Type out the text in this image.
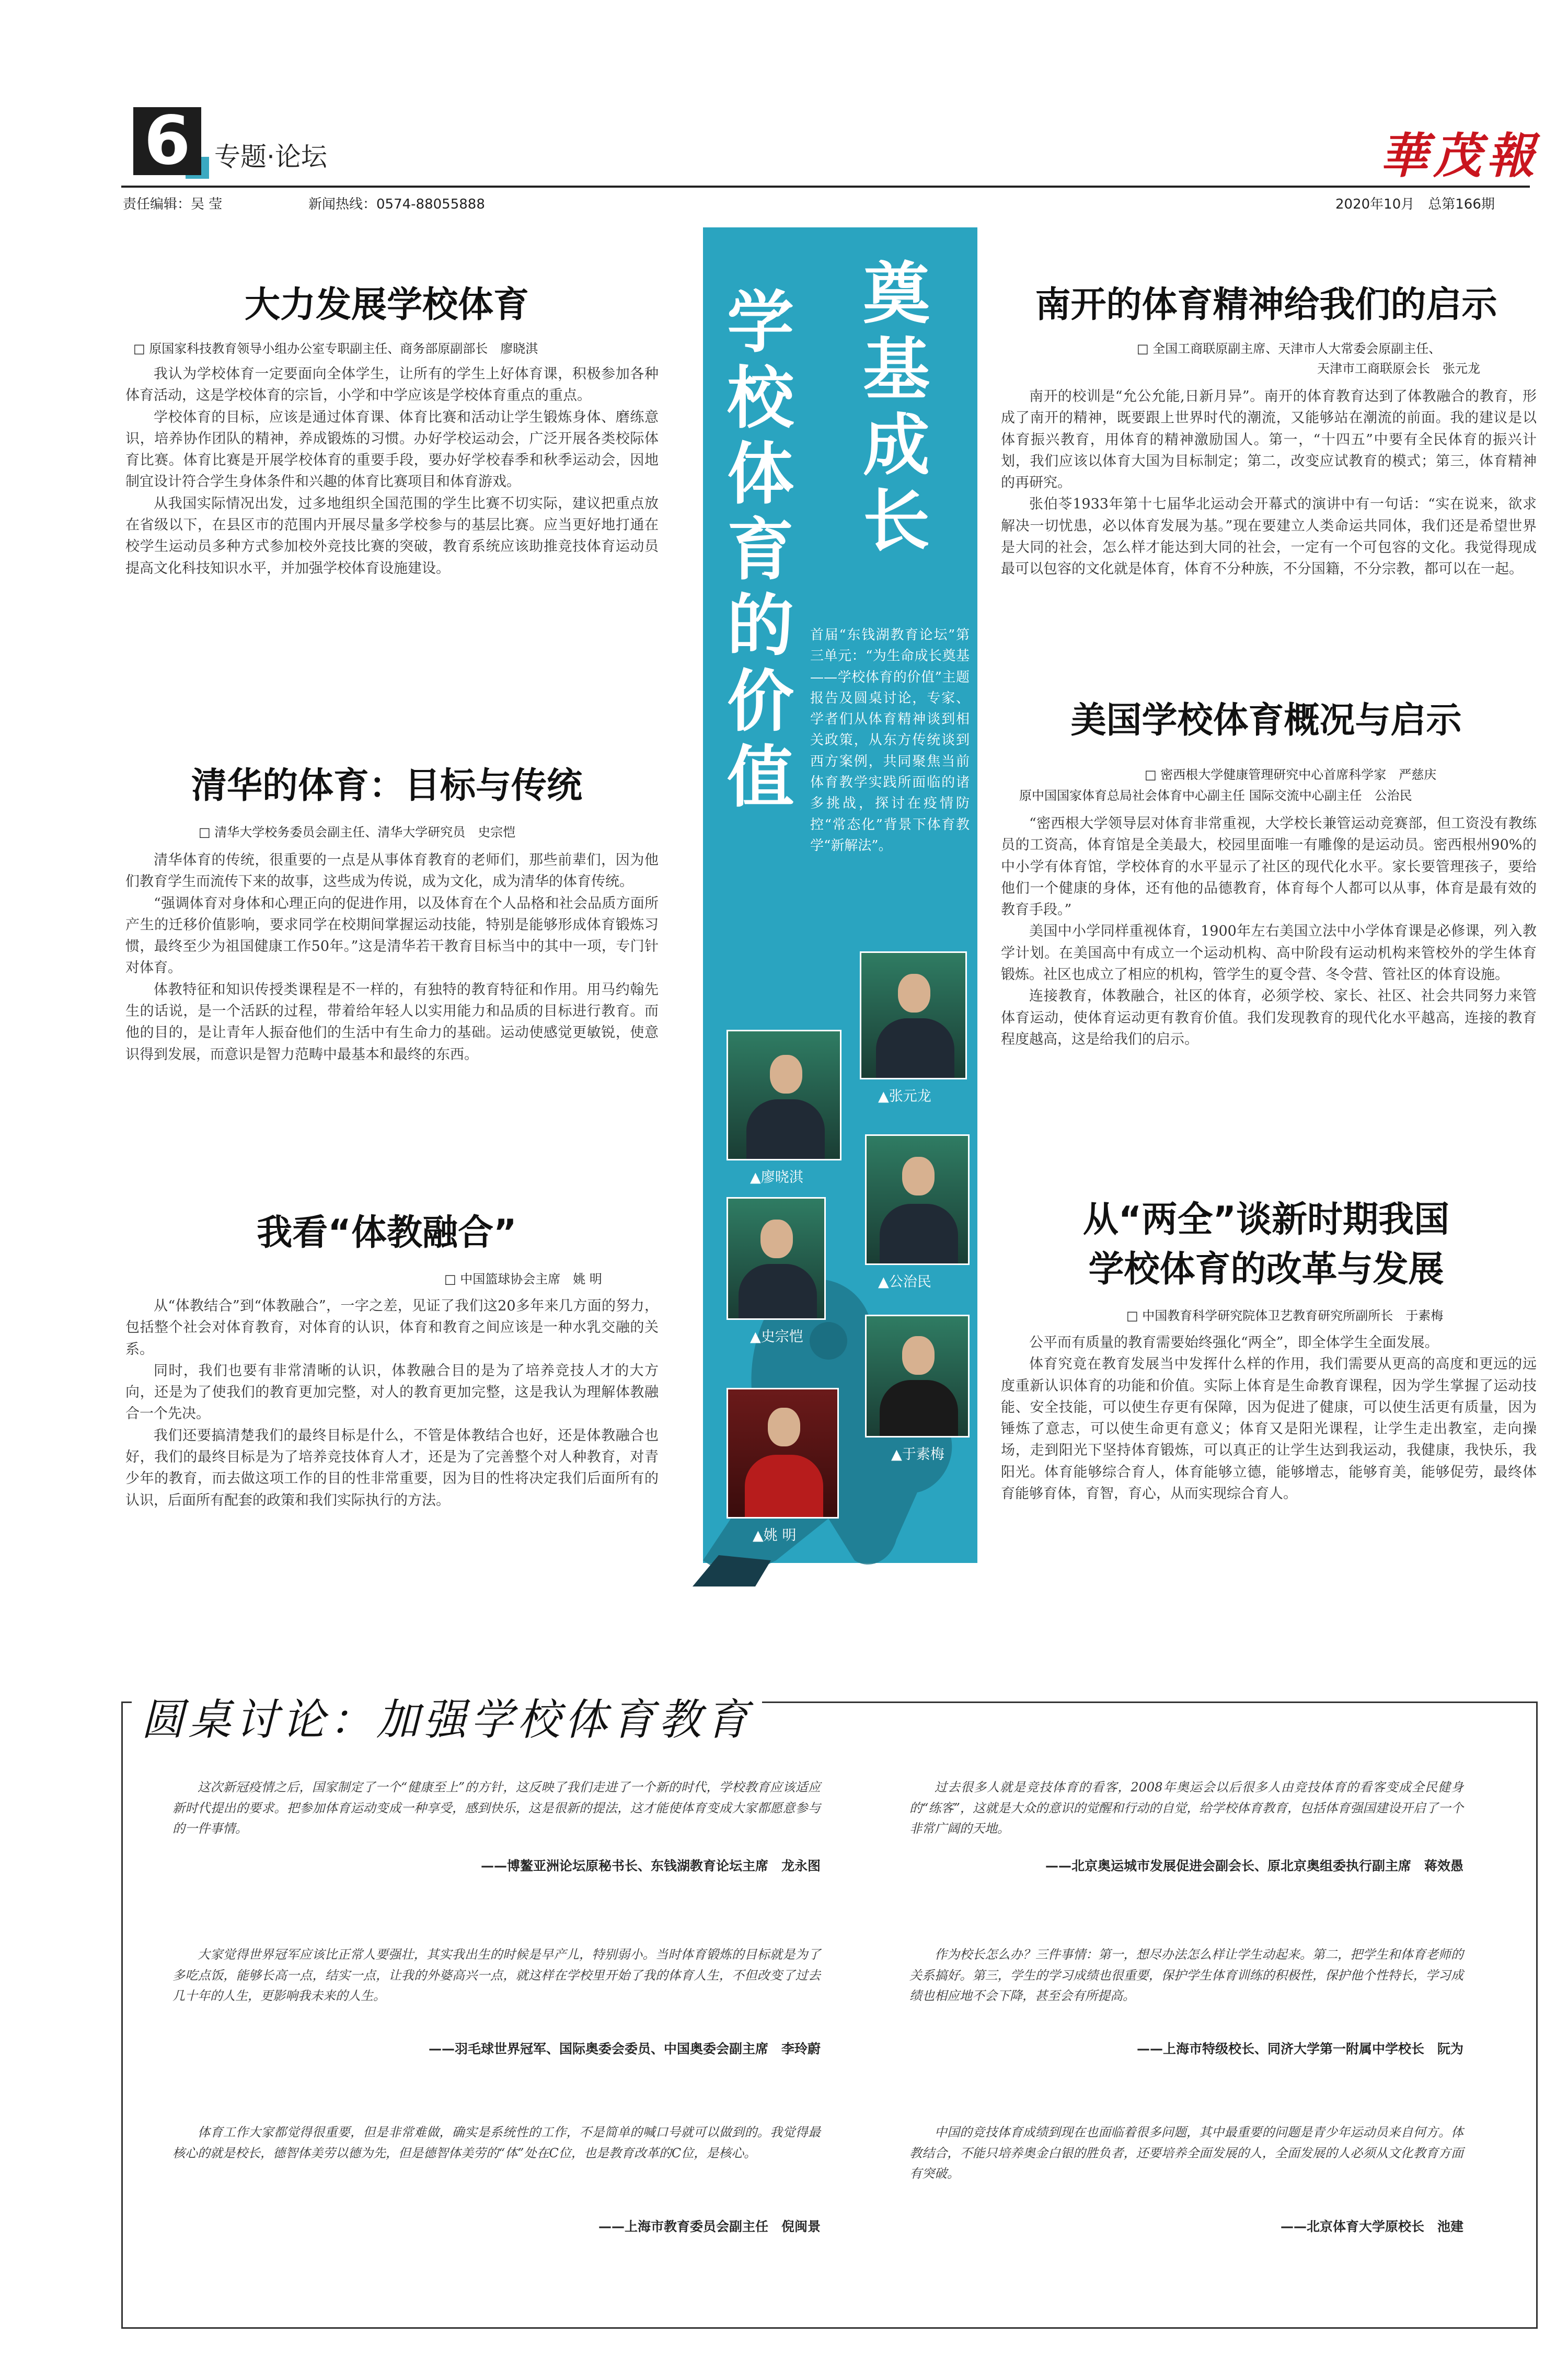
6 专题·论坛	華茂報
责任编辑：吴 莹	新闻热线：0574-88055888	2020年10月　总第166期
大力发展学校体育
□ 原国家科技教育领导小组办公室专职副主任、商务部原副部长　廖晓淇

我认为学校体育一定要面向全体学生，让所有的学生上好体育课，积极参加各种体育活动，这是学校体育的宗旨，小学和中学应该是学校体育重点的重点。

学校体育的目标，应该是通过体育课、体育比赛和活动让学生锻炼身体、磨练意识，培养协作团队的精神，养成锻炼的习惯。办好学校运动会，广泛开展各类校际体育比赛。体育比赛是开展学校体育的重要手段，要办好学校春季和秋季运动会，因地制宜设计符合学生身体条件和兴趣的体育比赛项目和体育游戏。

从我国实际情况出发，过多地组织全国范围的学生比赛不切实际，建议把重点放在省级以下，在县区市的范围内开展尽量多学校参与的基层比赛。应当更好地打通在校学生运动员多种方式参加校外竞技比赛的突破，教育系统应该助推竞技体育运动员提高文化科技知识水平，并加强学校体育设施建设。

清华的体育：目标与传统
□ 清华大学校务委员会副主任、清华大学研究员　史宗恺

清华体育的传统，很重要的一点是从事体育教育的老师们，那些前辈们，因为他们教育学生而流传下来的故事，这些成为传说，成为文化，成为清华的体育传统。

“强调体育对身体和心理正向的促进作用，以及体育在个人品格和社会品质方面所产生的迁移价值影响，要求同学在校期间掌握运动技能，特别是能够形成体育锻炼习惯，最终至少为祖国健康工作50年。”这是清华若干教育目标当中的其中一项，专门针对体育。

体教特征和知识传授类课程是不一样的，有独特的教育特征和作用。用马约翰先生的话说，是一个活跃的过程，带着给年轻人以实用能力和品质的目标进行教育。而他的目的，是让青年人振奋他们的生活中有生命力的基础。运动使感觉更敏锐，使意识得到发展，而意识是智力范畴中最基本和最终的东西。

我看“体教融合”
□ 中国篮球协会主席　姚 明

从“体教结合”到“体教融合”，一字之差，见证了我们这20多年来几方面的努力，包括整个社会对体育教育，对体育的认识，体育和教育之间应该是一种水乳交融的关系。

同时，我们也要有非常清晰的认识，体教融合目的是为了培养竞技人才的大方向，还是为了使我们的教育更加完整，对人的教育更加完整，这是我认为理解体教融合一个先决。

我们还要搞清楚我们的最终目标是什么，不管是体教结合也好，还是体教融合也好，我们的最终目标是为了培养竞技体育人才，还是为了完善整个对人种教育，对青少年的教育，而去做这项工作的目的性非常重要，因为目的性将决定我们后面所有的认识，后面所有配套的政策和我们实际执行的方法。

奠基成长
学校体育的价值
首届“东钱湖教育论坛”第三单元：“为生命成长奠基——学校体育的价值”主题报告及圆桌讨论，专家、学者们从体育精神谈到相关政策，从东方传统谈到西方案例，共同聚焦当前体育教学实践所面临的诸多挑战，探讨在疫情防控“常态化”背景下体育教学“新解法”。
▲张元龙
▲廖晓淇
▲公治民
▲史宗恺
▲于素梅
▲姚 明
南开的体育精神给我们的启示
□ 全国工商联原副主席、天津市人大常委会原副主任、
天津市工商联原会长　张元龙

南开的校训是“允公允能,日新月异”。南开的体育教育达到了体教融合的教育，形成了南开的精神，既要跟上世界时代的潮流，又能够站在潮流的前面。我的建议是以体育振兴教育，用体育的精神激励国人。第一，“十四五”中要有全民体育的振兴计划，我们应该以体育大国为目标制定；第二，改变应试教育的模式；第三，体育精神的再研究。

张伯苓1933年第十七届华北运动会开幕式的演讲中有一句话：“实在说来，欲求解决一切忧患，必以体育发展为基。”现在要建立人类命运共同体，我们还是希望世界是大同的社会，怎么样才能达到大同的社会，一定有一个可包容的文化。我觉得现成最可以包容的文化就是体育，体育不分种族，不分国籍，不分宗教，都可以在一起。

美国学校体育概况与启示
□ 密西根大学健康管理研究中心首席科学家　严慈庆
原中国国家体育总局社会体育中心副主任 国际交流中心副主任　公治民

“密西根大学领导层对体育非常重视，大学校长兼管运动竞赛部，但工资没有教练员的工资高，体育馆是全美最大，校园里面唯一有雕像的是运动员。密西根州90%的中小学有体育馆，学校体育的水平显示了社区的现代化水平。家长要管理孩子，要给他们一个健康的身体，还有他的品德教育，体育每个人都可以从事，体育是最有效的教育手段。”

美国中小学同样重视体育，1900年左右美国立法中小学体育课是必修课，列入教学计划。在美国高中有成立一个运动机构、高中阶段有运动机构来管校外的学生体育锻炼。社区也成立了相应的机构，管学生的夏令营、冬令营、管社区的体育设施。

连接教育，体教融合，社区的体育，必须学校、家长、社区、社会共同努力来管体育运动，使体育运动更有教育价值。我们发现教育的现代化水平越高，连接的教育程度越高，这是给我们的启示。

从“两全”谈新时期我国
学校体育的改革与发展
□ 中国教育科学研究院体卫艺教育研究所副所长　于素梅

公平而有质量的教育需要始终强化“两全”，即全体学生全面发展。

体育究竟在教育发展当中发挥什么样的作用，我们需要从更高的高度和更远的远度重新认识体育的功能和价值。实际上体育是生命教育课程，因为学生掌握了运动技能、安全技能，可以使生存更有保障，因为促进了健康，可以使生活更有质量，因为锤炼了意志，可以使生命更有意义；体育又是阳光课程，让学生走出教室，走向操场，走到阳光下坚持体育锻炼，可以真正的让学生达到我运动，我健康，我快乐，我阳光。体育能够综合育人，体育能够立德，能够增志，能够育美，能够促劳，最终体育能够育体，育智，育心，从而实现综合育人。

圆桌讨论：加强学校体育教育

这次新冠疫情之后，国家制定了一个“健康至上”的方针，这反映了我们走进了一个新的时代，学校教育应该适应新时代提出的要求。把参加体育运动变成一种享受，感到快乐，这是很新的提法，这才能使体育变成大家都愿意参与的一件事情。

——博鳌亚洲论坛原秘书长、东钱湖教育论坛主席　龙永图

过去很多人就是竞技体育的看客，2008年奥运会以后很多人由竞技体育的看客变成全民健身的“练客”，这就是大众的意识的觉醒和行动的自觉，给学校体育教育，包括体育强国建设开启了一个非常广阔的天地。

——北京奥运城市发展促进会副会长、原北京奥组委执行副主席　蒋效愚

大家觉得世界冠军应该比正常人要强壮，其实我出生的时候是早产儿，特别弱小。当时体育锻炼的目标就是为了多吃点饭，能够长高一点，结实一点，让我的外婆高兴一点，就这样在学校里开始了我的体育人生，不但改变了过去几十年的人生，更影响我未来的人生。

——羽毛球世界冠军、国际奥委会委员、中国奥委会副主席　李玲蔚

作为校长怎么办？三件事情：第一，想尽办法怎么样让学生动起来。第二，把学生和体育老师的关系搞好。第三，学生的学习成绩也很重要，保护学生体育训练的积极性，保护他个性特长，学习成绩也相应地不会下降，甚至会有所提高。

——上海市特级校长、同济大学第一附属中学校长　阮为

体育工作大家都觉得很重要，但是非常难做，确实是系统性的工作，不是简单的喊口号就可以做到的。我觉得最核心的就是校长，德智体美劳以德为先，但是德智体美劳的“体”处在C位，也是教育改革的C位，是核心。

——上海市教育委员会副主任　倪闽景

中国的竞技体育成绩到现在也面临着很多问题，其中最重要的问题是青少年运动员来自何方。体教结合，不能只培养奥金白银的胜负者，还要培养全面发展的人，全面发展的人必须从文化教育方面有突破。

——北京体育大学原校长　池建
